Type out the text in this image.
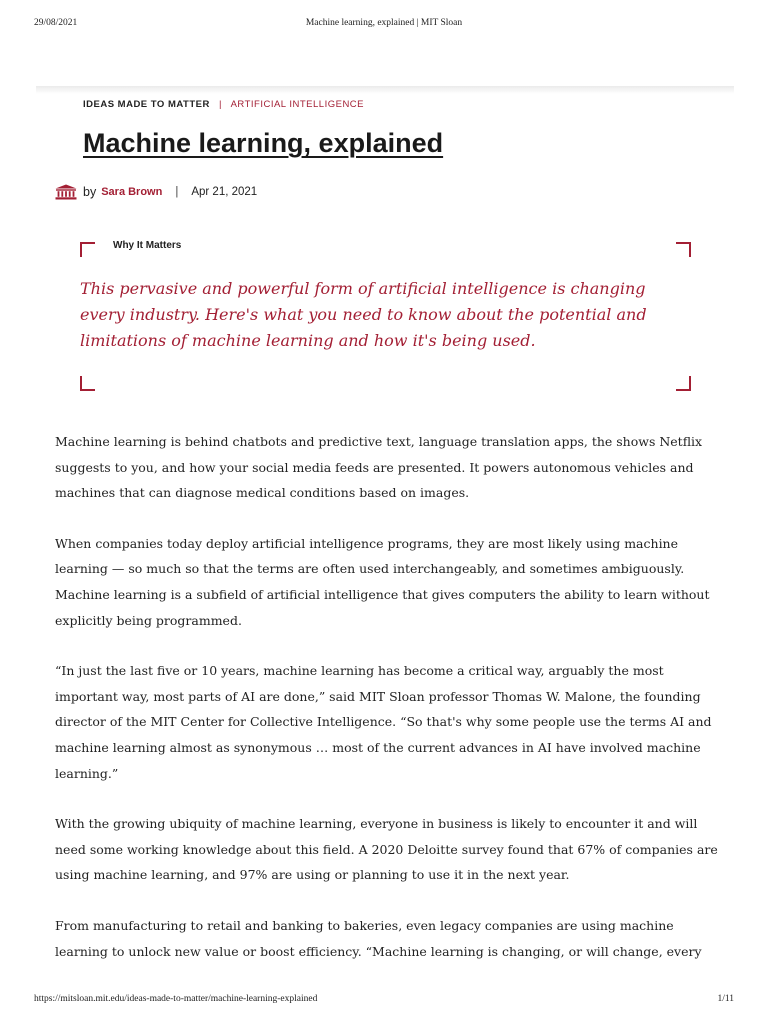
29/08/2021	Machine learning, explained | MIT Sloan
IDEAS MADE TO MATTER | ARTIFICIAL INTELLIGENCE
Machine learning, explained
by Sara Brown | Apr 21, 2021
Why It Matters

This pervasive and powerful form of artificial intelligence is changing every industry. Here's what you need to know about the potential and limitations of machine learning and how it's being used.

Machine learning is behind chatbots and predictive text, language translation apps, the shows Netflix suggests to you, and how your social media feeds are presented. It powers autonomous vehicles and machines that can diagnose medical conditions based on images.

When companies today deploy artificial intelligence programs, they are most likely using machine learning — so much so that the terms are often used interchangeably, and sometimes ambiguously. Machine learning is a subfield of artificial intelligence that gives computers the ability to learn without explicitly being programmed.

“In just the last five or 10 years, machine learning has become a critical way, arguably the most important way, most parts of AI are done,” said MIT Sloan professor Thomas W. Malone, the founding director of the MIT Center for Collective Intelligence. “So that's why some people use the terms AI and machine learning almost as synonymous … most of the current advances in AI have involved machine learning.”

With the growing ubiquity of machine learning, everyone in business is likely to encounter it and will need some working knowledge about this field. A 2020 Deloitte survey found that 67% of companies are using machine learning, and 97% are using or planning to use it in the next year.

From manufacturing to retail and banking to bakeries, even legacy companies are using machine learning to unlock new value or boost efficiency. “Machine learning is changing, or will change, every

https://mitsloan.mit.edu/ideas-made-to-matter/machine-learning-explained	1/11
